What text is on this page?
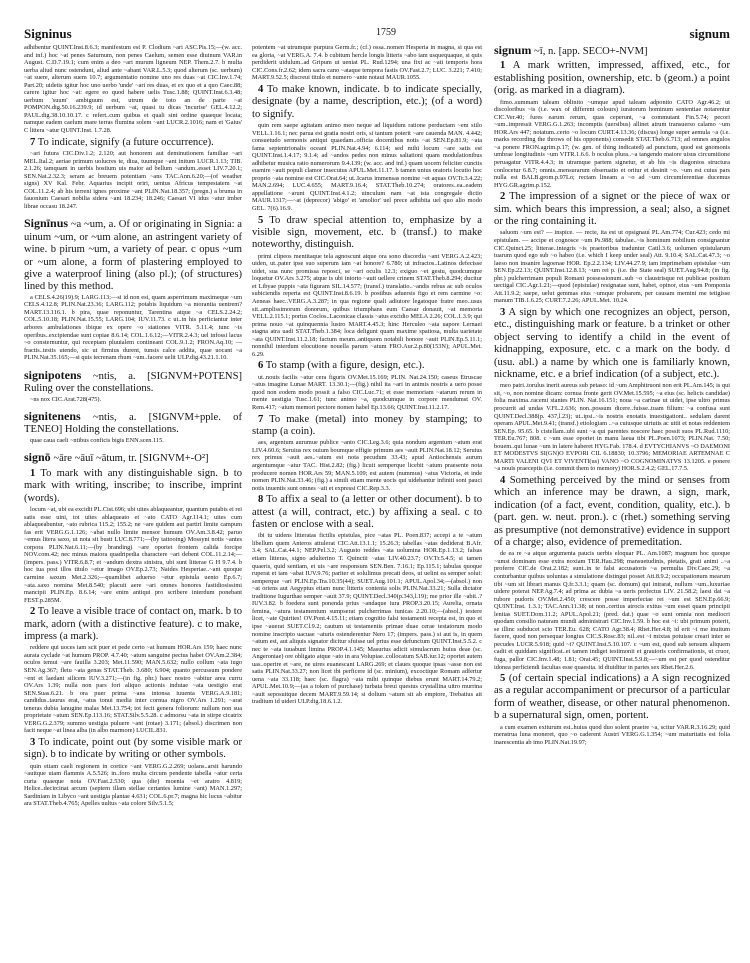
Signinus	1759	signum

adhibentur QUINT.Inst.8.6.3; manifestum est P. Clodium ~ari ASC.Pis.15;—(w. acc. and inf.) hoc ~at penes Saturnum, non penes Caelum, semen esse diuinum VAR.in August. C.D.7.19.1; cum enim a deo ~ari murum ligneum NEP. Them.2.7. b multa uerba aliud nunc ostendunt, aliud ante ~abant VAR.L.5.3; quod alterum (sc. uerbum) ~at suere, alterum suem 10.7; argumentatio nomine uno res duas ~at CIC.Inv.1.74; Part.20; uidetis igitur hoc uno uerbo 'unde' ~ari res duas, et ex quo et a quo Caec.88; carere igitur hoc ~at: egere eo quod habere uelis Tusc.1.88; QUINT.Inst.6.3.48; uerbum 'suum' ambiguum est, utrum de toto an de parte ~at POMPON.dig.50.16.239.9; id uerbum ~at, quasi tu dicas 'incurise' GEL.4.12.2; PAUL.dig.38.10.10.17. c refert..cum quibus et quali sint ordine quaeque locata; namque eadem caelum mare terras flumina solem ~ant LUCR.2.1016; nam et 'Gaius' C littera ~atur QUINT.Inst. 1.7.28.

7 To indicate, signify (a future occurrence).

~ari futura CIC.Div.1.2; 2.120; aut honorem aut deminutionem familiae ~ari MEL.Ital.2; aeriae primum uolucres te, diua, tuumque ~ant initum LUCR.1.13; TIB. 2.1.26; tamquam in uerbis hostium uis maior ad bellum ~andum..esset LIV.7.20.1; SEN.Nat.2.32.3; seram ac breuem potentiam ~ans TAC.Ann.6.20;—(of weather signs) XV Kal. Febr. Aquarius incipit oriri, uentus Africus tempestatem ~at COL.11.2.4; ab his terreni ignes proxime ~ant PLIN.Nat.18.357; (pregn.) a bruma in fauonium Caesari nobilia sidera ~ant 18.234; 18.246; Caesari VI idus ~atur imber librae occasu 18.247.

Signīnus ~a ~um, a. Of or originating in Signia: a uinum ~um, or ~um alone, an astringent variety of wine. b pirum ~um, a variety of pear. c opus ~um or ~um alone, a form of plastering employed to give a waterproof lining (also pl.); (of structures) lined by this method.

a CELS.4.26(19).9; LARG.113;—si id non est, quam asperrimum maximeque ~um CELS.4.12.8; PLIN.Nat.23.36; LARG.112; potabis liquidum ~a morantia uentrem? MART.13.116.1. b pira, quae reponuntur, Tarentina atque ~a CELS.2.24.2; COL.5.10.18; PLIN.Nat.15.55; LARG.104; IUV.11.73. c ut..in his perficiantur inter arbores ambulationes ibique ex opere ~o stationes VITR. 5.11.4; tunc ~is operibus..excipiendae sunt copiae 8.6.14; COL.1.6.12;—VITR.2.4.3; uel infossi lacus ~o consternuntur, qui receptam pluuialem contineant COL.9.1.2; FRON.Aq.10; —fractis..testis utendo, sic ut firmius durent, tunsis calce addita, quae uocant ~a PLIN.Nat.35.165;—si quis tecrenam rhum ~um..facere uelit ULP.dig.43.21.1.10.

signipotens ~ntis, a. [SIGNVM+POTENS] Ruling over the constellations.

~ns nox CIC.Arat.728(475).

signitenens ~ntis, a. [SIGNVM+pple. of TENEO] Holding the constellations.

quae caua caeli ~ntibus conficis bigis ENN.scen.115.

signō ~āre ~āuī ~ātum, tr. [SIGNVM+-O²]

1 To mark with any distinguishable sign. b to mark with writing, inscribe; to inscribe, imprint (words).

locum ~at, ubi ea excidit PL.Cist.696; ubi uites ablaqueantur, quantum putabis ei rei satis esse uini, tot uites ablaqueato et ~ato CATO Agr.114.1; uites cum ablaqueabuntur, ~ato rubrica 115.2; 155.2; ne ~are quidem aut partiri limite campum fas erit VERG.G.1.126; ~abat nullo limite mensor humum OV.Am.3.8.42; paruo ~emus litera saxo, ut nota sit busti LUC.8.771;—(by tattooing) Mossyni notis ~antes corpora PLIN.Nat.6.11;—(by branding) ~are oportet frontem calida forcipe NOV.com.42; nec minus maiora quadripedia charactere ~ari debent COL.11.2.14;—(impers. pass.) VITR.6.8.7; et ~andum dextra sinistra, ubi sunt litterae G H 9.7.4. b hoc tua post illos titulo ~etur imago OV.Ep.2.73; Naides Hesperiae..~ant quoque carmine saxum Met.2.326;—quamlibet aduerso ~etur epistula uento Ep.6.7; ~ata..saxo nomina Met.8.540; placuit aere ~ari omnes honores fastidiosissimi mancipii PLIN.Ep. 8.6.14; ~are enim antiqui pro scribere interdum ponebant FEST.p.285M.

2 To leave a visible trace of contact on, mark. b to mark, adorn (with a distinctive feature). c to make, impress (a mark).

reddere qui uoces iam scit puer et pede certo ~at humum HOR.Ars 159; haec nunc aurata cyclade ~at humum PROP. 4.7.40; ~atum sanguine pectus habet OV.Am.2.384; oculos temui ~are fauilla 3.203; Met.11.590; MAN.5.632; nullo collum ~ata iugo SEN.Ag.367; fletu ~ata genas STAT.Theb. 3.680; 6.904; quanto percussum pondere ~ent et laedant silicem IUV.3.271;—(in fig. phr.) haec nostro ~abitur area curru OV.Ars 1.39; nulla non pars fori aliquo actionis indutae ~ata uestigio erat SEN.Suas.6.21. b ora puer prima ~ans intonsa iuuenta VERG.A.9.181; candidus..taurus erat, ~atus tonui media inter cornua nigro OV.Ars 1.291; ~arat teneras dubia lanugine malas Met.13.754; tot fecit genera foliorum: nullum non sua proprietate ~atum SEN.Ep.113.16; STAT.Silv.5.5.28. c admorsu ~ata in stirpe cicatrix VERG.G.2.379; summo uestigia puluere ~ant (rotae) 3.171; (absol.) discrimen non facit neque ~at linea alba (in albo marmore) LUCIL.831.

3 To indicate, point out (by some visible mark or sign). b to indicate by writing or other symbols.

quin etiam caeli regionem in cortice ~ant VERG.G.2.269; uolans..arsit harundo ~auitque uiam flammis A.5.526; in..foro multa circum pendente tabella ~atur certa curia quaeque nota OV.Fast.2.530; qua (die) moenia ~et aratro 4.819; Helice..decircinat arcum (septem illam stellae certantes lumine ~ant) MAN.1.297; Sardiniam in Libyco ~ant uestigia plantae 4.631; COL.6.pr.7; magna hic lucus ~abitur ara STAT.Theb.4.765; Apelles uultus ~ata colore Silv.5.1.5;

potentem ~at utrumque purpura Germ.fr.; (cf.) ossa..nomen Hesperia in magna, si qua est ea gloria, ~at VERG.A. 7.4. b cubitum hercle longis litteris ~abo iam usquequaque, si quis perdiderit uidulum..ad Gripum ut ueniat PL. Rud.1294; una fixi ac ~ati temporis hora CIC.Cons.fr.2.62; idem sacra cano ~ataque tempora fastis OV.Fast.2.7; LUC. 3.221; 7.410; MART.9.52.5; discreui titulo et numero ~ante notaui MAUR.1055.

4 To make known, indicate. b to indicate specially, designate (by a name, description, etc.); (of a word) to signify.

quin rem saepe agitatam animo meo neque ad liquidum ratione perductam ~em stilo VELL.1.16.1; nec parua est gratia nostri oris, si tantum poterit ~are cauenda MAN. 4.442; consuetudo sermonis antiqui quaedam..officia docentibus notis ~at SEN.Ep.81.9; ~ata fama septentrionalis oceani PLIN.Nat.4.94; 6.114; sed mihi locum ~are satis est QUINT.Inst.1.4.17; 9.1.4; ad ~andos pedes non minus saltationi quam modulationibus adhibetur musica ratio numerorum 9.4.139; (w. acc. and inf.) quam uocem feliciter cunctis euenire ~auit populi clamor insecutus APUL.Met.11.17. b tamen unius oratoris locutio hoc proprio ~ata nomine est CIC.Orat.64; ut..Icarus immensas nomine ~et aquas OV.Tr.3.4.22; MAN.2.694; LUC.4.655; MART.9.16.4; STAT.Theb.10.274; oratores..ea..eadem appellatione ~arunt QUINT.Inst.4.1.2; uinculum nam ~at ista congregale dictio MAUR.1317;—~at (deprecor) 'abigo' et 'amolior' uel prece adhibita uel quo alio modo GEL. 7(6).16.9.

5 To draw special attention to, emphasize by a visible sign, movement, etc. b (transf.) to make noteworthy, distinguish.

primi clipeos mentitaque tela agnoscunt atque ora sono discordia ~ant VERG.A.2.423; uiden, ut..pater ipse suo superum iam ~at honore? 6.780; ut infractos..Latinos defecisse uidet, sua nunc promissa reposci, se ~ari oculis 12.3; exiguo ~et gestu, quodcumque loquetur OV.Ars 3.275; atque is ubi intorto ~auit uellere crinem STAT.Theb.8.294; ducitur et Libyae puppis ~ata figuram SIL.14.577; (transf.) translatio..~andis rebus ac sub oculos subiciendis reperta est QUINT.Inst.8.6.19. b postibus aduersis figo et rem carmine ~o: Aeneas haec..VERG.A.3.287; in qua regione quali adiutore legatoque fratre meo..usus sit..amplissimorum donorum, quibus triumphans eum Caesar donauit, ~at memoria VELL.2.115.1; portus Coclos..Laconicae classis ~atus excidio MELA 2.26; COL.1.3.9; qui prima nouo ~at quinquennia lustro MART.4.45.3; hinc Herculeo ~ata uapore Lernaei stagna atra uadi STAT.Theb.1.384; loca deligunt quam maxime spatiosa, multa uarietate ~ata QUINT.Inst.11.2.18; factum meum..antiquom notabili honore ~auit PLIN.Ep.5.11.1; nonnihil interdum elocutione nouella parum ~atum FRO.Aur.2.p.80(153N); APUL.Met. 6.29.

6 To stamp (with a figure, design, etc.).

ut..nouis facilis ~atur cera figuris OV.Met.15.169; PLIN. Nat.24.150; caseus Etruscae ~atus imagine Lunae MART. 13.30.1;—(fig.) nihil ita ~ari in animis nostris a uero posse quod non eodem modo possit a falso CIC.Luc.71; et esse memoriam ~atarum rerum in mente uestigia Tusc.1.61; tunc animo ~a, quodcumque in corpore mendumst OV. Rem.417; ~atum memori pectore nomen habel Ep.13.66; QUINT.Inst.11.2.17.

7 To make (metal) into money by stamping; to stamp (a coin).

aes, argentum aurumue publice ~anto CIC.Leg.3.6; quia nondum argentum ~atum erat LIV.4.60.6; Seruius rex ouium boumque effigie primum aes ~auit PLIN.Nat.18.12; Seruius rex primus ~auit aes..~atum est nota pecudum 33.43; apud Antiochensis aurum argentumque ~atur TAC. Hist.2.82; (fig.) licuit semperque licebit ~atum praesente nota producere nomen HOR.Ars 59; MAN.5.109; est autem (nummus) ~atus Victoria, et inde nomen PLIN.Nat.33.46; (fig.) a simili etiam mente uocis qui uidebantur infiniti soni pauci notis inuentis sunt omnes ~ati et expressi CIC.Rep.3.3.

8 To affix a seal to (a letter or other document). b to attest (a will, contract, etc.) by affixing a seal. c to fasten or enclose with a seal.

ibi tu uidens litteratas fictilis epistulas, pice ~atas PL. Poen.837; accepi a te ~atum libellum quem Anteros attulerat CIC.Att.13.1.1; 15.26.3; tabellas ~atas dediderat B.Afr. 3.4; SAL.Cat.44.1; NEP.Pel.3.2; Augusto reddes ~ata uolumina HOR.Ep.1.13.2; falsas etiam litteras, signo adulterino T. Quinctii ~atas LIV.40.23.7; OV.Tr.5.4.5; si tamen quaeris, quid sentiam, et uis ~are responsum SEN.Ben. 7.16.1; Ep.115.1; tabulas quoque ruperat et iam ~abat IUV.9.76; pariter et solulimus precati deos, ut uelint ea semper solui: semperque ~ari PLIN.Ep.Tra.10.35(44); SUET.Aug.101.1; APUL.Apol.34;—(absol.) non ~at oriens aut Aegyptus etiam nunc litteris contenta solis PLIN.Nat.33.21; Sulla dictator traditione Iugurthae semper ~auit 37.9; QUINT.Decl.340(p.343,l.19); me prior ille ~abit..? IUV.3.82. b foedera sunt ponenda prius ~andaque iura PROP.3.20.15; Aurelia, ornata femina, ~atura testamentum sumpserat pulcherrimas tunicas 2.20.10;—(absol.) testere licet, ~ate Quirites! OV.Pont.4.15.11; etiam cognitio falsi testamenti recepta est, in quo et ipse ~auerat SUET.Cl.9.2; cautum ut testamentis primae duae cerae testatorum modo nomine inscripto uacuae ~aturis ostenderentur Nero 17; (impers. pass.) si aut is, in quem ~atum est, aut aliquis signator dicitur sfuisse uel prius esse defunctum QUINT.Inst.5.5.2. c nec te ~ata iuuabunt limina PROP.4.1.145; Masurius adicit simulacrum huius deae (sc. Angeroniae) ore obligato atque ~ato in ara Volupiae..collocatum SAB.iur.12; oportet autem uas..operire et ~are, ne uires euanescant LARG.269; et claues quoque ipsas ~asse non est satis PLIN.Nat.33.27; non licet ibi perficere id (sc. minium), excoctique Romam adfertur uena ~ata 33.118; haec (sc. flagra) ~ata mihi quinque diebus erunt MART.14.79.2; APUL.Met.10.9;—(as a token of purchase) turbata breui questus crystallina uitro murrina ~auit seposuitque decem MART.9.59.14; si dolium ~atum sit ab emptore, Trebatius ait traditum id uideri ULP.dig.18.6.1.2.

signum ~ī, n. [app. SECO+-NVM]

1 A mark written, impressed, affixed, etc., for establishing position, ownership, etc. b (geom.) a point (orig. as marked in a diagram).

fimo..summam taleam oblinito ~umque apud taleam adponito CATO Agr.46.2; ut discoloribus ~is (i.e. wax of different colours) iuratorum hominum sententiae notarentur CIC.Ver.40; fures earum rerum, quas ceperunt, ~a commutant Fin.5.74; pecori ~um..impressit VERG.G.1.263; incomptis (uersibus) allinet atrum transuerso calamo ~um HOR.Ars 447; notatum..certo ~o locum CURT.4.13.36; (discus) longe super aemula ~a (i.e. marks recording the throws of his opponents) consedit STAT.Theb.6.713; ad omnes angulos ~a ponere FRON.agrim.p.17; (w. gen. of thing indicated) ad punctum, quod est gnomonis umbrae longitudinis ~um VITR.1.6.6. b oculus plura..~a tangendo maiore uisus circumitione peruagatur VITR.4.4.3; in utramque partem signetur, et ab his ~is diagonios structura conlocetur 6.8.7; omnis..mensurarum obseruatio et oritur et desinit ~o. ~um est cuius pars nulla est BALB.grom.p.97Lo; rectam lineam a ~o ad ~um circumferentiae ducemus HYG.GR.agrim.p.152.

2 The impression of a signet or the piece of wax or sim. which bears this impression, a seal; also, a signet or the ring containing it.

saluom ~um est? — inspice. — recte, ita est ut opsignauí PL.Am.774; Cur.423; cedo mi epistulam. — accipe et cognosce ~um Ps.988; tabulae..~is hominum nobilium consignantur CIC.Quinct.25; litterae..integris ~is praetoribus traduntur Catil.3.6; uolumen epistularum tuarum quod ego sub ~o habeo (i.e. which I keep under seal) Att. 9.10.4; SAL.Cat.47.3; ~o laeso non insanire lagoenae HOR. Ep.2.2.134; LIV.44.27.9; iam imprimebam epistulae ~um SEN.Ep.22.13; QUINT.Inst.12.8.13; ~um rei p. (i.e. the State seal) SUET.Aug.94.8; (in fig. phr.) pulcherrimam populi Romani possessionum..sub ~o claustrisque rei publicae positum uectigal CIC.Agr.1.21;—quod (epistulae) resignatae sunt, habet, opinor, eius ~um Pomponia Att.11.9.2; saepe, uelut gemmas eius ~umque probarem, per causam memini me tetigisse manum TIB.1.6.25; CURT.7.2.26; APUL.Met. 10.24.

3 A sign by which one recognizes an object, person, etc., distinguishing mark or feature. b a trinket or other object serving to identify a child in the event of kidnapping, exposure, etc. c a mark on the body. d (usu. abl.) a name by which one is familiarly known, nickname, etc. e a brief indication (of a subject, etc.).

meo patri..torulus inerit aureus sub petaso: id ~um Amphitruoni non erit PL.Am.145; is qui sit, ~o, non nomine dicam: cornua fronte gerit OV.Met.15.595; ~a eius (sc. helicis candidae) folia maxima..racemi stantes PLIN. Nat.16.151; noua ~a carinae ut uidet, ipse ultro primus procurrit ad undas V.FL.2.636; non..possum dicere..fuisse..tuam filium: ~a confusa sunt QUINT.Decl.388(p. 437,l.23); ut..ipsi..~is nostris enotatis inuestigationi.. sedulam darent operam APUL.Met.9.41; (transf.) etiologiam ..~a cuiusque uirtutis ac uitii et notas reddentem SEN.Ep. 95.65. b cistellam..ubi sunt ~a qui parentes noscere haec possit suos PL.Rud.1110; TER.Eu.767; 808. c ~um esse oportet in manu laeua tibi PL.Poen.1073; PLIN.Nat. 7.50; bouem..qui lunae ~um in latere haberet HYG.Fab. 178.4. d EVTYCHIANVS ~O DAEMONI ET MODESTVS SI(GN)O EVPORI CIL 6.18830; 10.3796; MEMORIAE ARTEMNAE C MARTI VALENI QVI ET VIVENTI(us) VANO ~O COGNOMINATVS 13.1205. e ponere ~a nouis praeceptis (i.e. commit them to memory) HOR.S.2.4.2; GEL.17.7.5.

4 Something perceived by the mind or senses from which an inference may be drawn, a sign, mark, indication (of a fact, event, condition, quality, etc.). b (part. gen. w. neut. pron.). c (rhet.) something serving as presumptive (not demonstrative) evidence in support of a charge; also, evidence of premeditation.

de ea re ~a atque argumenta paucis uerbis eloquar PL. Am.1087; magnum hoc quoque ~umst dominam esse extra noxiam TER.Hau.298; mansuetudinis, pietatis, grati animi ..~a proferre CIC.de Orat.2.182; sunt..in te falsi accusatoris ~a permulta Div.Caec.29; ~a conturbantur quibus uoluntas a simulatione distingui posset Att.8.9.2; occupationum mearum tibi ~um sit librari manus Q.fr.3.3.1; quam (sc. domum) qui intrarat, nullum ~um..luxuriae uidere poterat NEP.Ag.7.4; ad prima ac dubia ~a ueris profectus LIV. 21.58.2; laesi dat ~a rubore pudoris OV.Met.2.450; crescere posse imperfectae rei ~um est SEN.Ep.66.9; QUINT.Inst. 1.3.1; TAC.Ann.11.38; ut non..certius atrocis exitus ~um esset quam principii lenitas SUET.Dom.11.2; APUL.Apol.21; (pred. dat.) quae ~o sunt omnia non mediocri quodam consilio naturam mundi administrari CIC.Inv.1.59. b hoc est ~i: ubi primum poterit, se illinc subducet scio TER.Eu. 628; CATO Agr.38.4; Rhet.Her.4.8; id erit ~i me inuitum facere, quod non persequar longius CIC.S.Rosc.83; nil..est ~i mixtas potuisse creari inter se pecudes LUCR.5.918; quid ~i? QUINT.Inst.5.10.107. c ~um est, quod sub sensum aliquem cadit et quiddam significat..et tamen indiget testimonii et grauioris confirmationis, ut cruor, fuga, pallor CIC.Inv.1.48; 1.81; Orat.45; QUINT.Inst.5.9.8;—~um est per quod ostenditur idonea perficiendi facultas esse quaesita. id diuiditur in partes sex Rhet.Her.2.6.

5 (of certain special indications) a A sign recognized as a regular accompaniment or precursor of a particular form of weather, disease, or other natural phenomenon. b a supernatural sign, omen, portent.

a cum examen exiturum est..huius quod duo solent praeire ~a, scitur VAR.R.3.16.29; quid menstrua luna moneret, quo ~o caderent Austri VERG.G.1.354; ~um maturitatis est folia inarescentia ab imo PLIN.Nat.19.97;
